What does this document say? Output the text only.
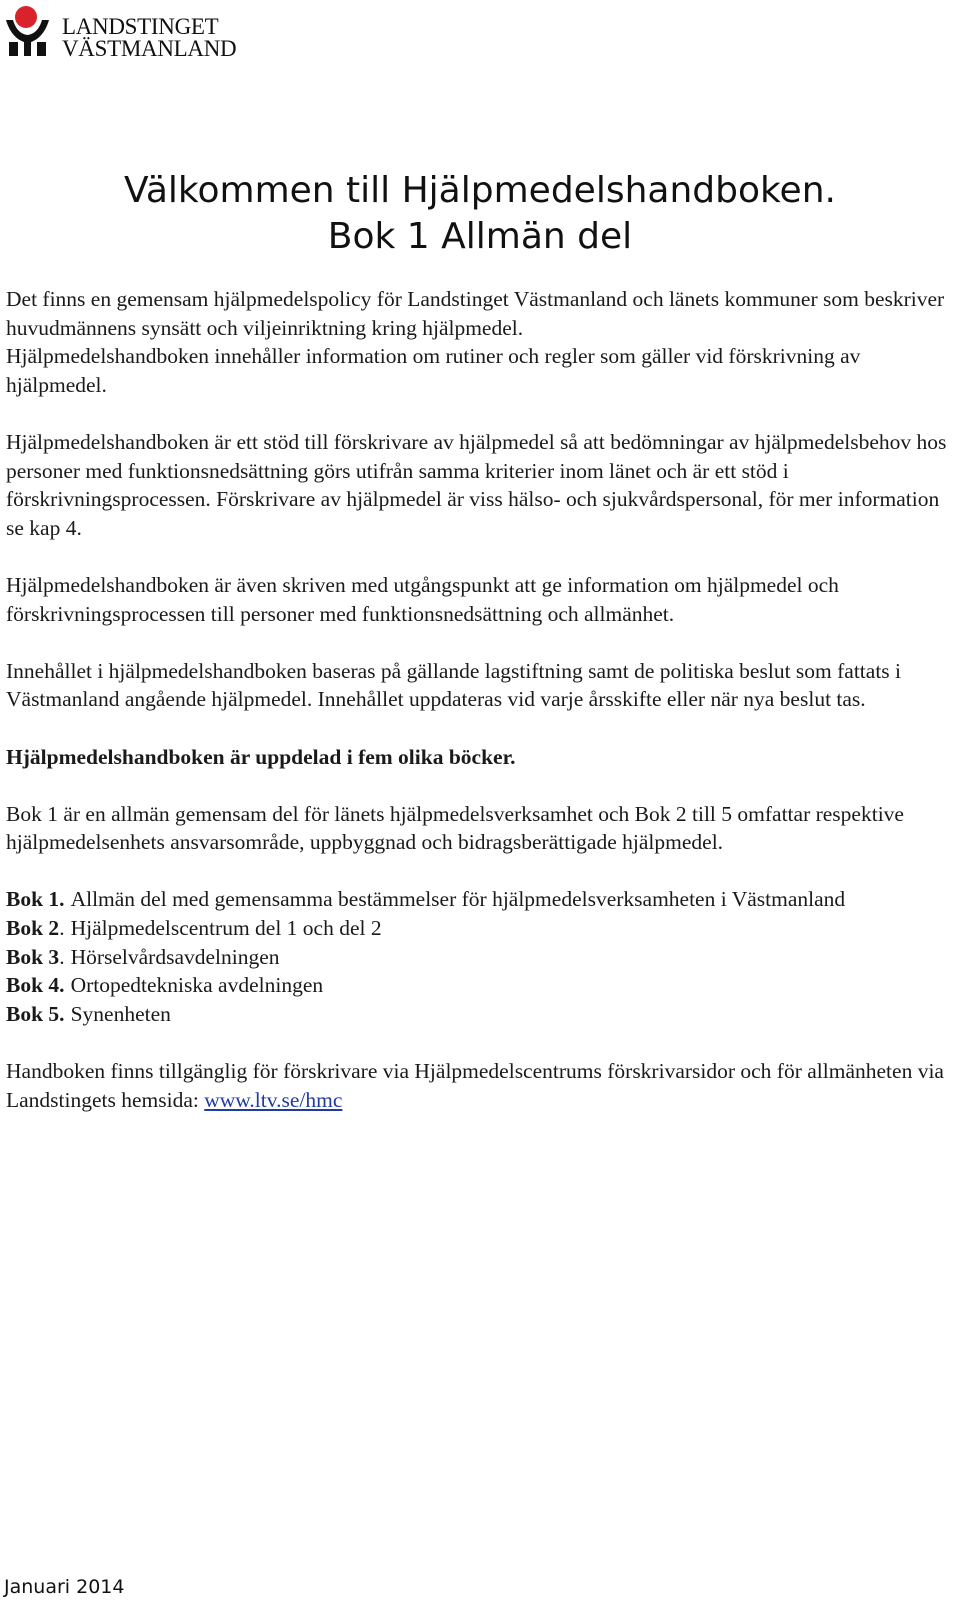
LANDSTINGET
VÄSTMANLAND
Välkommen till Hjälpmedelshandboken.
Bok 1 Allmän del

Det finns en gemensam hjälpmedelspolicy för Landstinget Västmanland och länets kommuner som beskriver huvudmännens synsätt och viljeinriktning kring hjälpmedel.

Hjälpmedelshandboken innehåller information om rutiner och regler som gäller vid förskrivning av hjälpmedel.

Hjälpmedelshandboken är ett stöd till förskrivare av hjälpmedel så att bedömningar av hjälpmedelsbehov hos personer med funktionsnedsättning görs utifrån samma kriterier inom länet och är ett stöd i förskrivningsprocessen. Förskrivare av hjälpmedel är viss hälso- och sjukvårdspersonal, för mer information se kap 4.

Hjälpmedelshandboken är även skriven med utgångspunkt att ge information om hjälpmedel och förskrivningsprocessen till personer med funktionsnedsättning och allmänhet.

Innehållet i hjälpmedelshandboken baseras på gällande lagstiftning samt de politiska beslut som fattats i Västmanland angående hjälpmedel. Innehållet uppdateras vid varje årsskifte eller när nya beslut tas.

Hjälpmedelshandboken är uppdelad i fem olika böcker.

Bok 1 är en allmän gemensam del för länets hjälpmedelsverksamhet och Bok 2 till 5 omfattar respektive hjälpmedelsenhets ansvarsområde, uppbyggnad och bidragsberättigade hjälpmedel.

Bok 1. Allmän del med gemensamma bestämmelser för hjälpmedelsverksamheten i Västmanland
Bok 2. Hjälpmedelscentrum del 1 och del 2
Bok 3. Hörselvårdsavdelningen
Bok 4. Ortopedtekniska avdelningen
Bok 5. Synenheten

Handboken finns tillgänglig för förskrivare via Hjälpmedelscentrums förskrivarsidor och för allmänheten via Landstingets hemsida: www.ltv.se/hmc

Januari 2014
